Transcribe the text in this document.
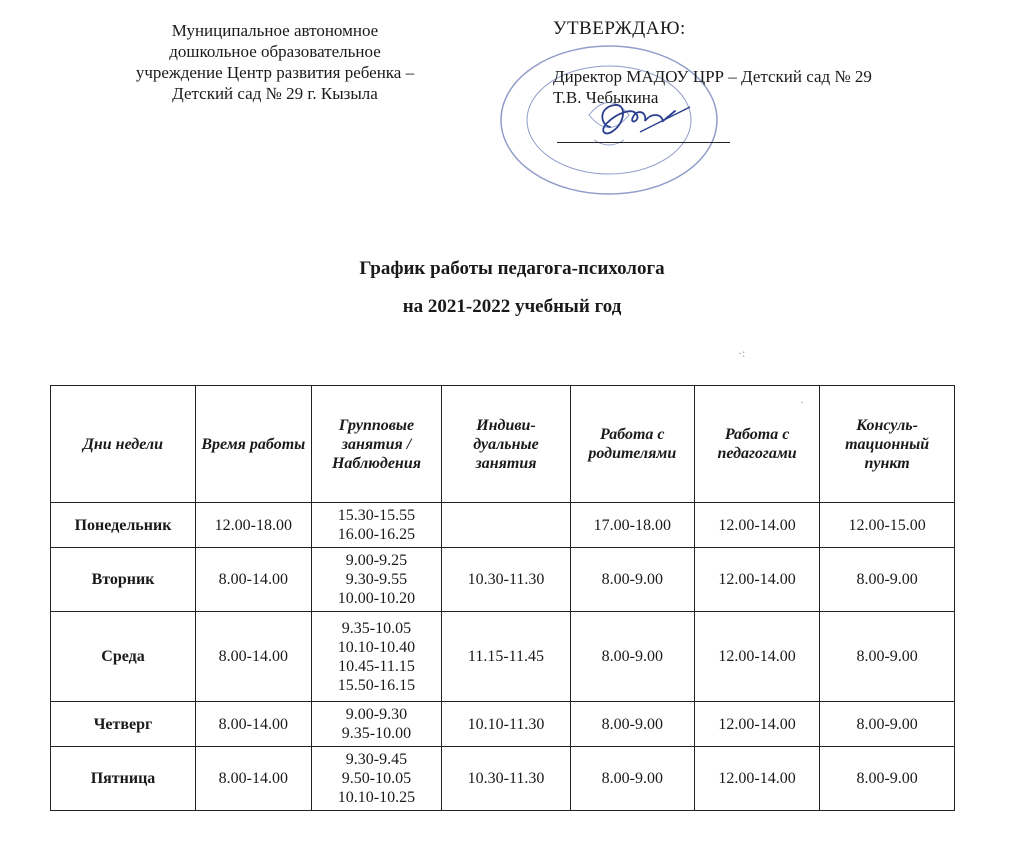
Муниципальное автономное
дошкольное образовательное
учреждение Центр развития ребенка –
Детский сад № 29 г. Кызыла
УТВЕРЖДАЮ:
Директор МАДОУ ЦРР – Детский сад № 29
Т.В. Чебыкина
График работы педагога-психолога
на 2021-2022 учебный год
·:
·
Дни недели	Время работы	Групповые занятия / Наблюдения	Индиви-дуальные занятия	Работа с родителями	Работа с педагогами	Консуль-тационный пункт
Понедельник	12.00-18.00	15.30-15.55
16.00-16.25		17.00-18.00	12.00-14.00	12.00-15.00
Вторник	8.00-14.00	9.00-9.25
9.30-9.55
10.00-10.20	10.30-11.30	8.00-9.00	12.00-14.00	8.00-9.00
Среда	8.00-14.00	9.35-10.05
10.10-10.40
10.45-11.15
15.50-16.15	11.15-11.45	8.00-9.00	12.00-14.00	8.00-9.00
Четверг	8.00-14.00	9.00-9.30
9.35-10.00	10.10-11.30	8.00-9.00	12.00-14.00	8.00-9.00
Пятница	8.00-14.00	9.30-9.45
9.50-10.05
10.10-10.25	10.30-11.30	8.00-9.00	12.00-14.00	8.00-9.00
